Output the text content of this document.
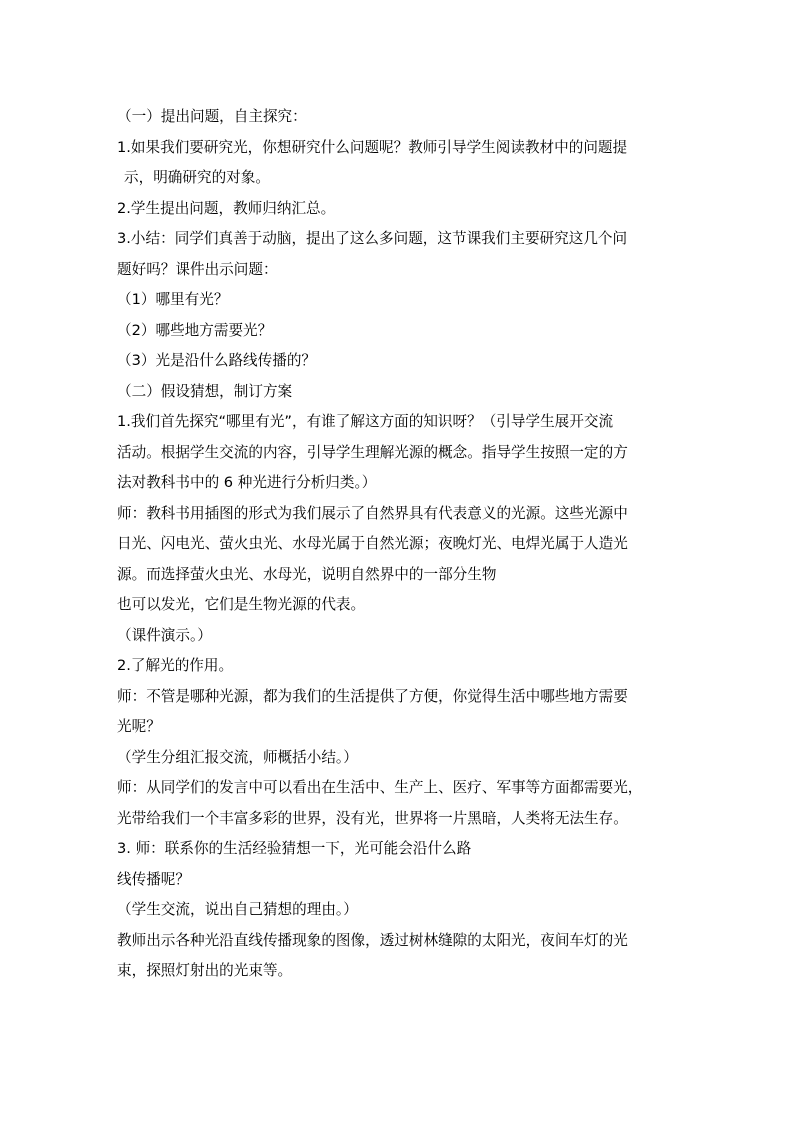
（一）提出问题，自主探究：
1.如果我们要研究光，你想研究什么问题呢？教师引导学生阅读教材中的问题提
示，明确研究的对象。
2.学生提出问题，教师归纳汇总。
3.小结：同学们真善于动脑，提出了这么多问题，这节课我们主要研究这几个问
题好吗？课件出示问题：
（1）哪里有光？
（2）哪些地方需要光？
（3）光是沿什么路线传播的？
（二）假设猜想，制订方案
1.我们首先探究“哪里有光”，有谁了解这方面的知识呀？（引导学生展开交流
活动。根据学生交流的内容，引导学生理解光源的概念。指导学生按照一定的方
法对教科书中的 6 种光进行分析归类。）
师：教科书用插图的形式为我们展示了自然界具有代表意义的光源。这些光源中
日光、闪电光、萤火虫光、水母光属于自然光源；夜晚灯光、电焊光属于人造光
源。而选择萤火虫光、水母光，说明自然界中的一部分生物
也可以发光，它们是生物光源的代表。
（课件演示。）
2.了解光的作用。
师：不管是哪种光源，都为我们的生活提供了方便，你觉得生活中哪些地方需要
光呢？
（学生分组汇报交流，师概括小结。）
师：从同学们的发言中可以看出在生活中、生产上、医疗、军事等方面都需要光，
光带给我们一个丰富多彩的世界，没有光，世界将一片黑暗，人类将无法生存。
3. 师：联系你的生活经验猜想一下，光可能会沿什么路
线传播呢？
（学生交流，说出自己猜想的理由。）
教师出示各种光沿直线传播现象的图像，透过树林缝隙的太阳光，夜间车灯的光
束，探照灯射出的光束等。
